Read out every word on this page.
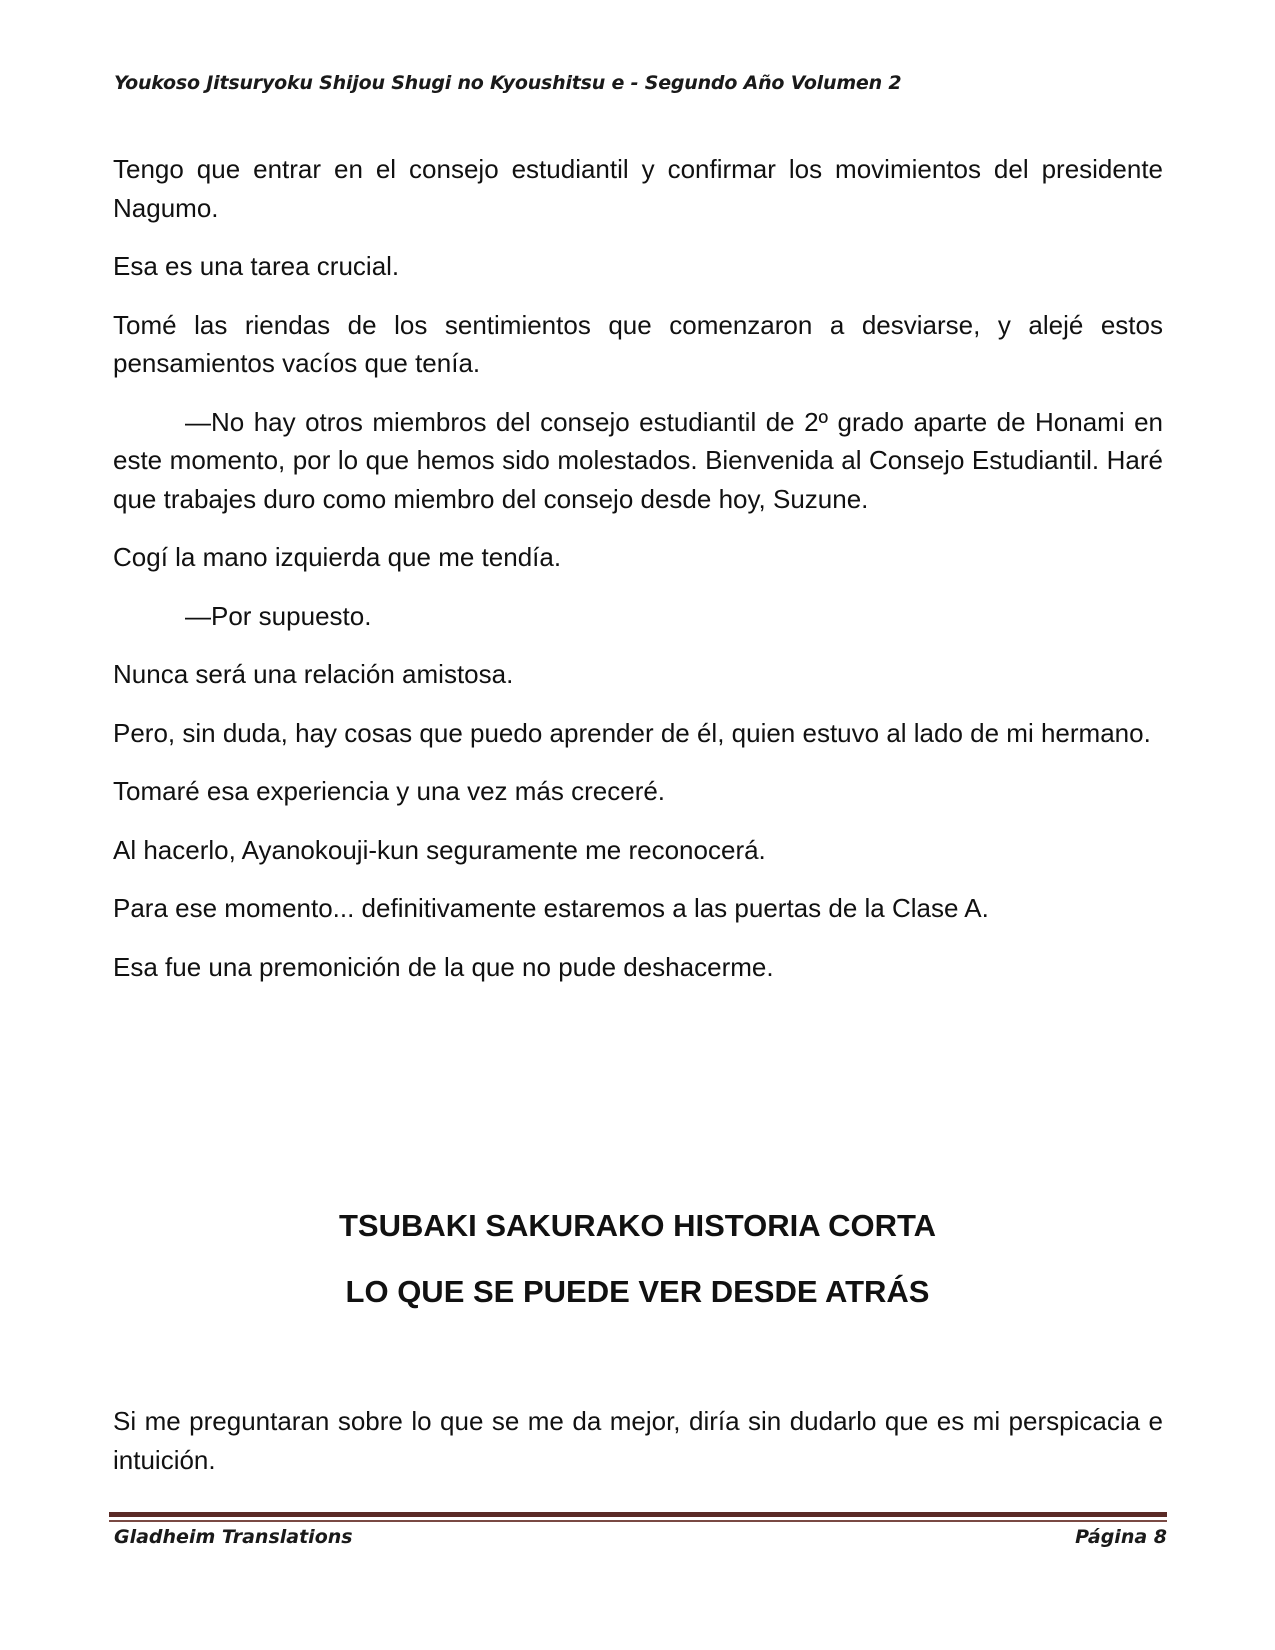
Youkoso Jitsuryoku Shijou Shugi no Kyoushitsu e - Segundo Año Volumen 2

Tengo que entrar en el consejo estudiantil y confirmar los movimientos del presidente Nagumo.

Esa es una tarea crucial.

Tomé las riendas de los sentimientos que comenzaron a desviarse, y alejé estos pensamientos vacíos que tenía.

—No hay otros miembros del consejo estudiantil de 2º grado aparte de Honami en este momento, por lo que hemos sido molestados. Bienvenida al Consejo Estudiantil. Haré que trabajes duro como miembro del consejo desde hoy, Suzune.

Cogí la mano izquierda que me tendía.

—Por supuesto.

Nunca será una relación amistosa.

Pero, sin duda, hay cosas que puedo aprender de él, quien estuvo al lado de mi hermano.

Tomaré esa experiencia y una vez más creceré.

Al hacerlo, Ayanokouji-kun seguramente me reconocerá.

Para ese momento... definitivamente estaremos a las puertas de la Clase A.

Esa fue una premonición de la que no pude deshacerme.

TSUBAKI SAKURAKO HISTORIA CORTA
LO QUE SE PUEDE VER DESDE ATRÁS

Si me preguntaran sobre lo que se me da mejor, diría sin dudarlo que es mi perspicacia e intuición.

Gladheim Translations	Página 8
